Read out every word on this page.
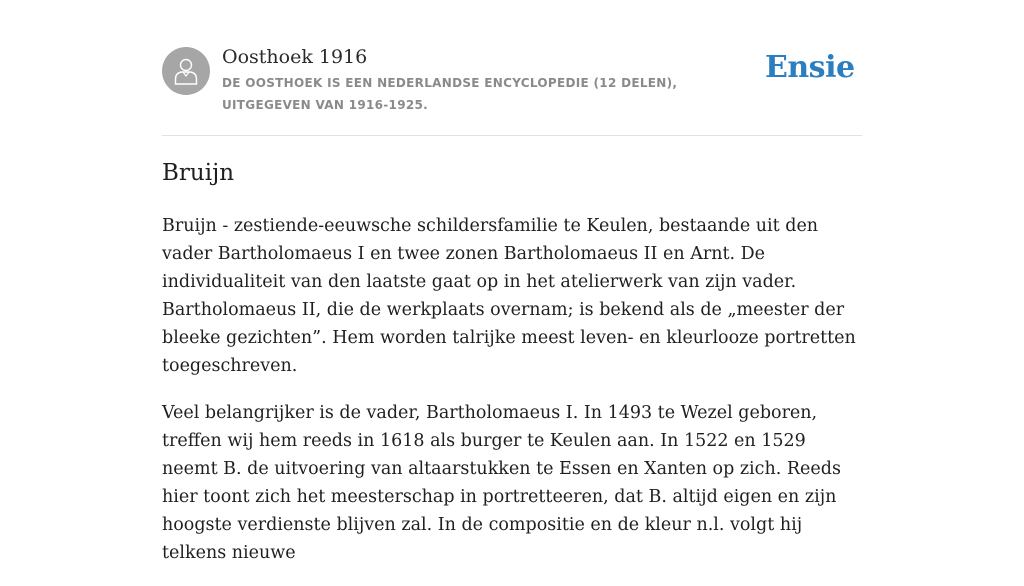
Oosthoek 1916
DE OOSTHOEK IS EEN NEDERLANDSE ENCYCLOPEDIE (12 DELEN), UITGEGEVEN VAN 1916-1925.
Ensie
Bruijn

Bruijn - zestiende-eeuwsche schildersfamilie te Keulen, bestaande uit den vader Bartholomaeus I en twee zonen Bartholomaeus II en Arnt. De individualiteit van den laatste gaat op in het atelierwerk van zijn vader. Bartholomaeus II, die de werkplaats overnam; is bekend als de „meester der bleeke gezichten”. Hem worden talrijke meest leven- en kleurlooze portretten toegeschreven.

Veel belangrijker is de vader, Bartholomaeus I. In 1493 te Wezel geboren, treffen wij hem reeds in 1618 als burger te Keulen aan. In 1522 en 1529 neemt B. de uitvoering van altaarstukken te Essen en Xanten op zich. Reeds hier toont zich het meesterschap in portretteeren, dat B. altijd eigen en zijn hoogste verdienste blijven zal. In de compositie en de kleur n.l. volgt hij telkens nieuwe
